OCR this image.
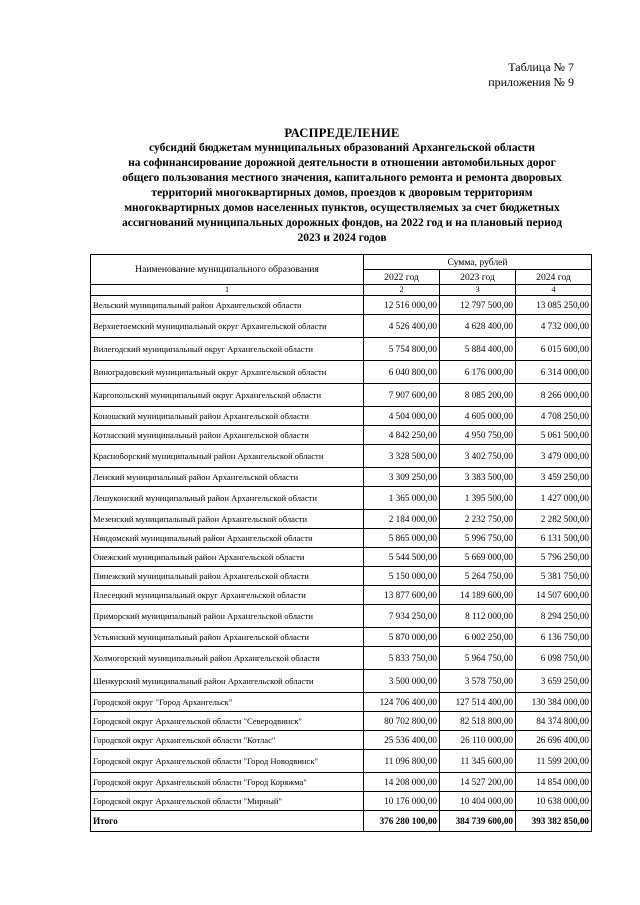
Таблица № 7
приложения № 9
РАСПРЕДЕЛЕНИЕ
субсидий бюджетам муниципальных образований Архангельской области
на софинансирование дорожной деятельности в отношении автомобильных дорог
общего пользования местного значения, капитального ремонта и ремонта дворовых
территорий многоквартирных домов, проездов к дворовым территориям
многоквартирных домов населенных пунктов, осуществляемых за счет бюджетных
ассигнований муниципальных дорожных фондов, на 2022 год и на плановый период
2023 и 2024 годов
Наименование муниципального образования	Сумма, рублей		
	2022 год	2023 год	2024 год
1	2	3	4
Вельский муниципальный район Архангельской области	12 516 000,00	12 797 500,00	13 085 250,00
Верхнетоемский муниципальный округ Архангельской области	4 526 400,00	4 628 400,00	4 732 000,00
Вилегодский муниципальный округ Архангельской области	5 754 800,00	5 884 400,00	6 015 600,00
Виноградовский муниципальный округ Архангельской области	6 040 800,00	6 176 000,00	6 314 000,00
Каргопольский муниципальный округ Архангельской области	7 907 600,00	8 085 200,00	8 266 000,00
Коношский муниципальный район Архангельской области	4 504 000,00	4 605 000,00	4 708 250,00
Котласский муниципальный район Архангельской области	4 842 250,00	4 950 750,00	5 061 500,00
Красноборский муниципальный район Архангельской области	3 328 500,00	3 402 750,00	3 479 000,00
Ленский муниципальный район Архангельской области	3 309 250,00	3 383 500,00	3 459 250,00
Лешуконский муниципальный район Архангельской области	1 365 000,00	1 395 500,00	1 427 000,00
Мезенский муниципальный район Архангельской области	2 184 000,00	2 232 750,00	2 282 500,00
Няндомский муниципальный район Архангельской области	5 865 000,00	5 996 750,00	6 131 500,00
Онежский муниципальный район Архангельской области	5 544 500,00	5 669 000,00	5 796 250,00
Пинежский муниципальный район Архангельской области	5 150 000,00	5 264 750,00	5 381 750,00
Плесецкий муниципальный округ Архангельской области	13 877 600,00	14 189 600,00	14 507 600,00
Приморский муниципальный район Архангельской области	7 934 250,00	8 112 000,00	8 294 250,00
Устьянский муниципальный район Архангельской области	5 870 000,00	6 002 250,00	6 136 750,00
Холмогорский муниципальный район Архангельской области	5 833 750,00	5 964 750,00	6 098 750,00
Шенкурский муниципальный район Архангельской области	3 500 000,00	3 578 750,00	3 659 250,00
Городской округ "Город Архангельск"	124 706 400,00	127 514 400,00	130 384 000,00
Городской округ Архангельской области "Северодвинск"	80 702 800,00	82 518 800,00	84 374 800,00
Городской округ Архангельской области "Котлас"	25 536 400,00	26 110 000,00	26 696 400,00
Городской округ Архангельской области "Город Новодвинск"	11 096 800,00	11 345 600,00	11 599 200,00
Городской округ Архангельской области "Город Коряжма"	14 208 000,00	14 527 200,00	14 854 000,00
Городской округ Архангельской области "Мирный"	10 176 000,00	10 404 000,00	10 638 000,00
Итого	376 280 100,00	384 739 600,00	393 382 850,00
